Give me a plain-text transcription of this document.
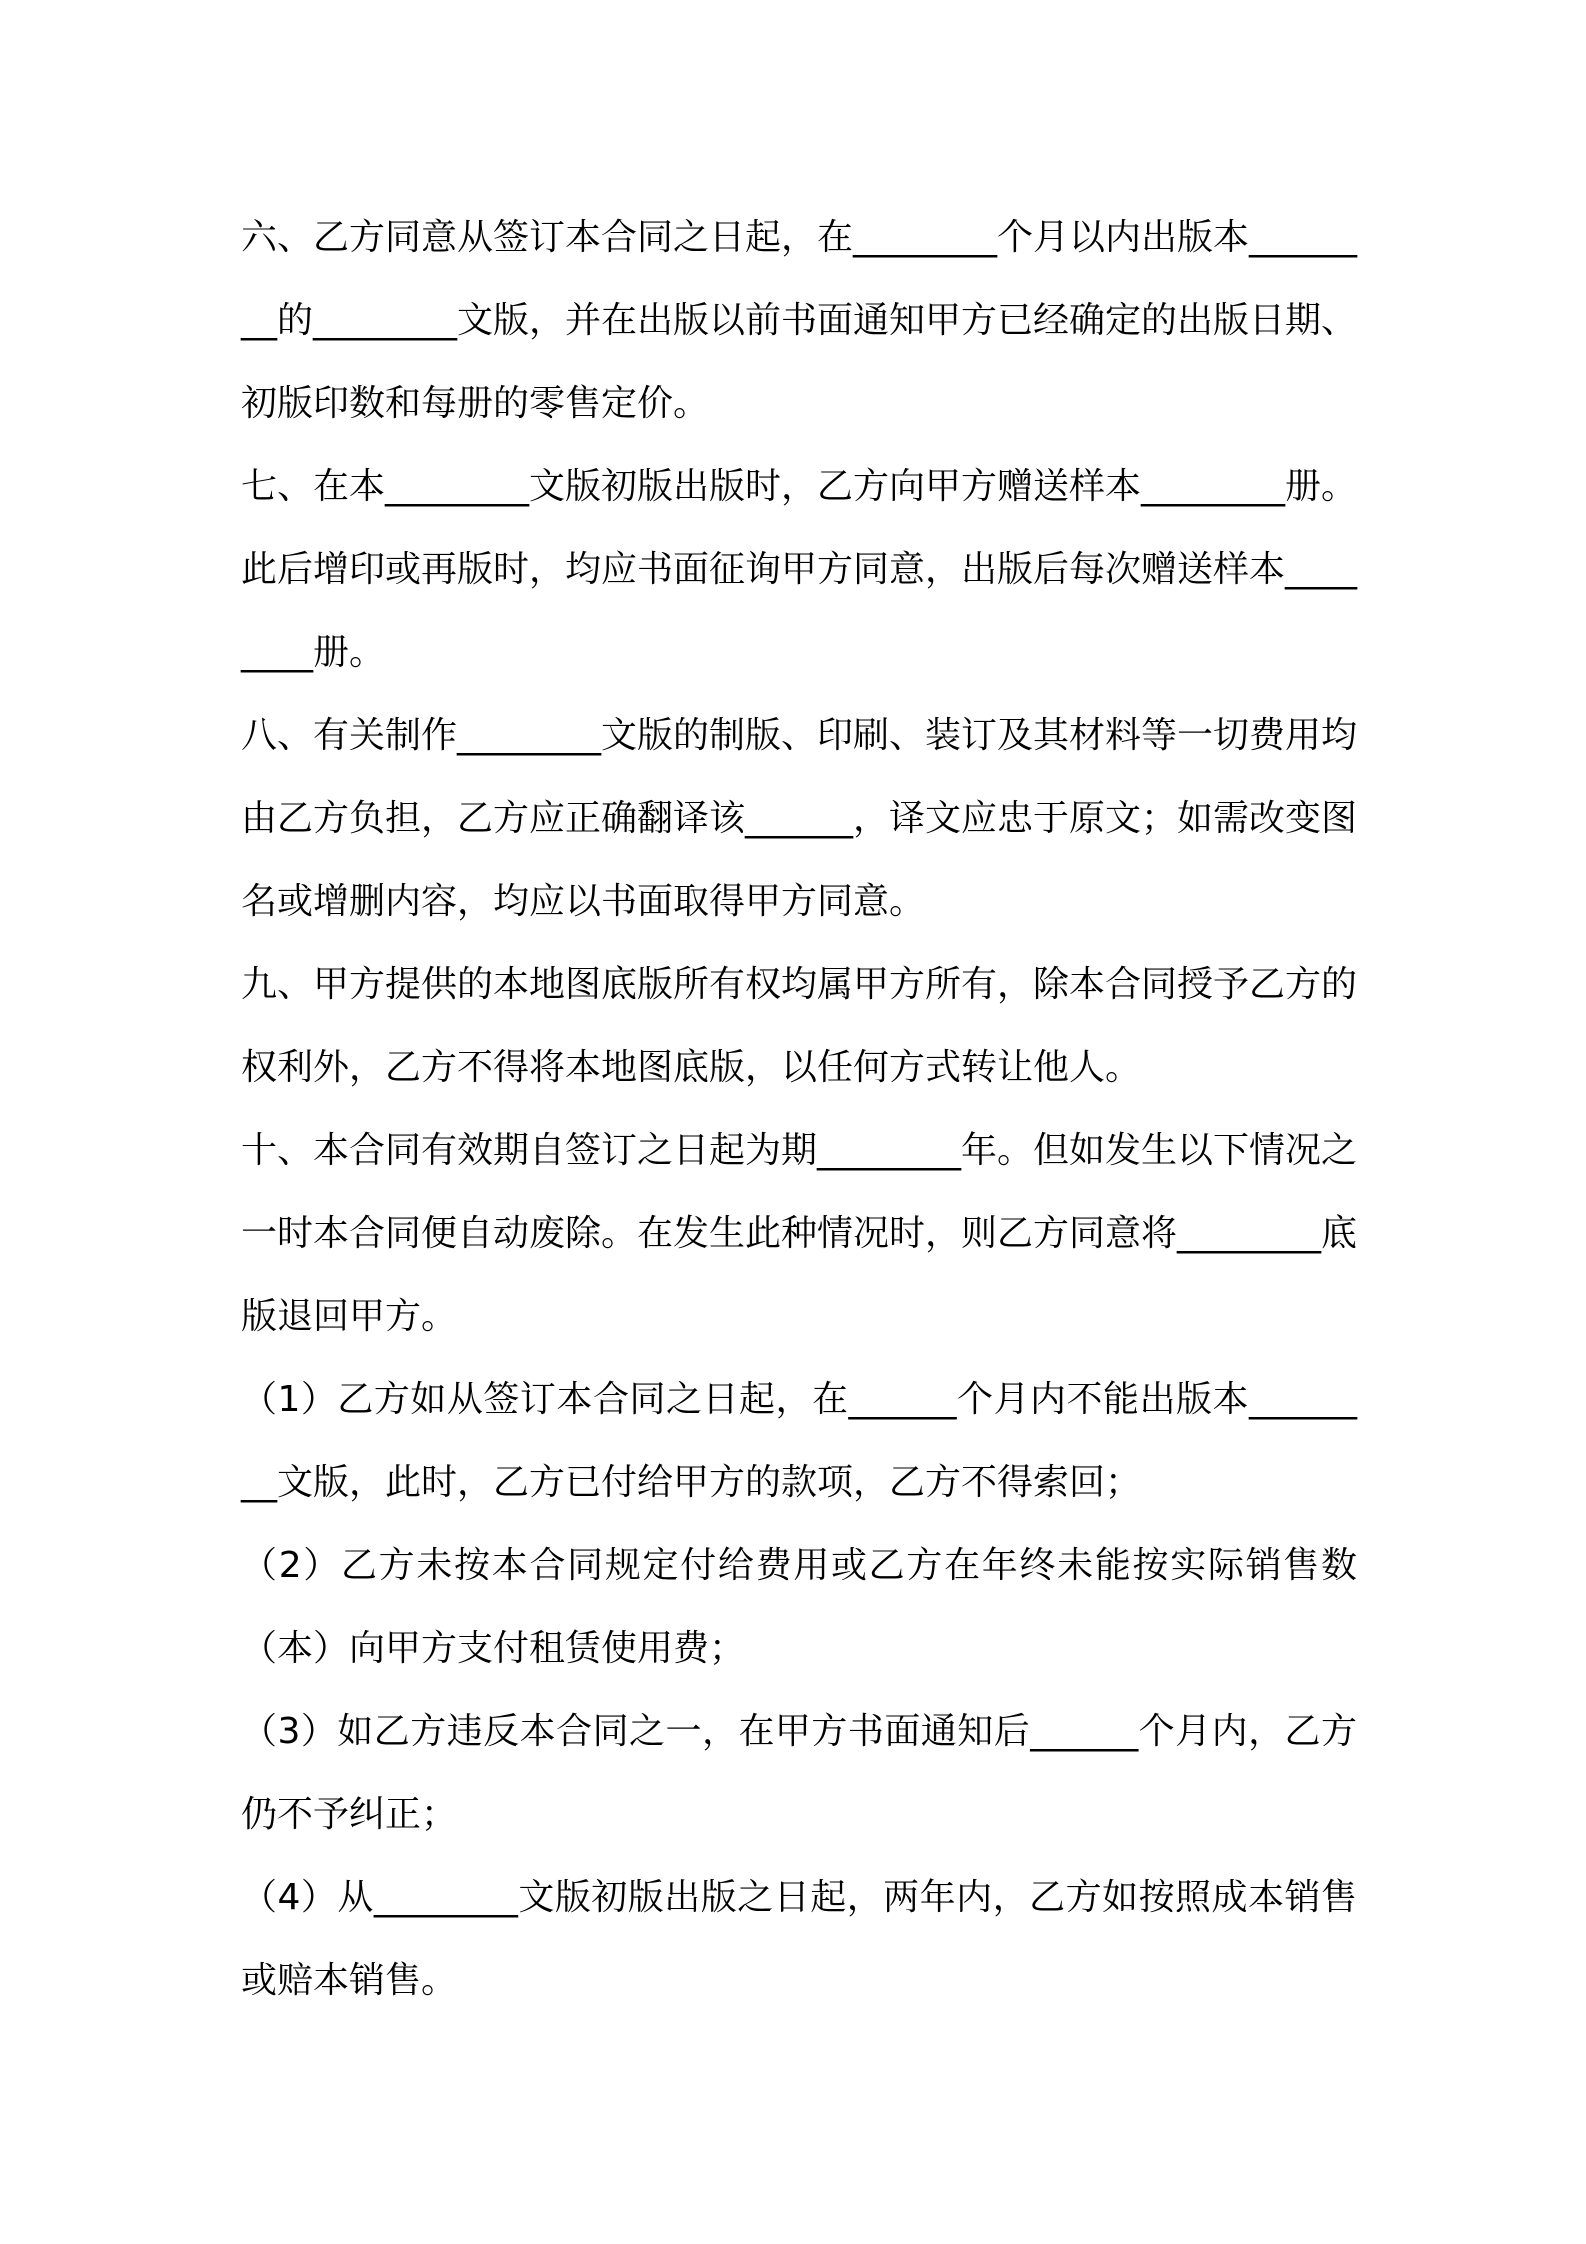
六、乙方同意从签订本合同之日起，在________个月以内出版本________的________文版，并在出版以前书面通知甲方已经确定的出版日期、初版印数和每册的零售定价。

七、在本________文版初版出版时，乙方向甲方赠送样本________册。此后增印或再版时，均应书面征询甲方同意，出版后每次赠送样本________册。

八、有关制作________文版的制版、印刷、装订及其材料等一切费用均由乙方负担，乙方应正确翻译该______，译文应忠于原文；如需改变图名或增删内容，均应以书面取得甲方同意。

九、甲方提供的本地图底版所有权均属甲方所有，除本合同授予乙方的权利外，乙方不得将本地图底版，以任何方式转让他人。

十、本合同有效期自签订之日起为期________年。但如发生以下情况之一时本合同便自动废除。在发生此种情况时，则乙方同意将________底版退回甲方。

（1）乙方如从签订本合同之日起，在______个月内不能出版本________文版，此时，乙方已付给甲方的款项，乙方不得索回；

（2）乙方未按本合同规定付给费用或乙方在年终未能按实际销售数（本）向甲方支付租赁使用费；

（3）如乙方违反本合同之一，在甲方书面通知后______个月内，乙方仍不予纠正；

（4）从________文版初版出版之日起，两年内，乙方如按照成本销售或赔本销售。
